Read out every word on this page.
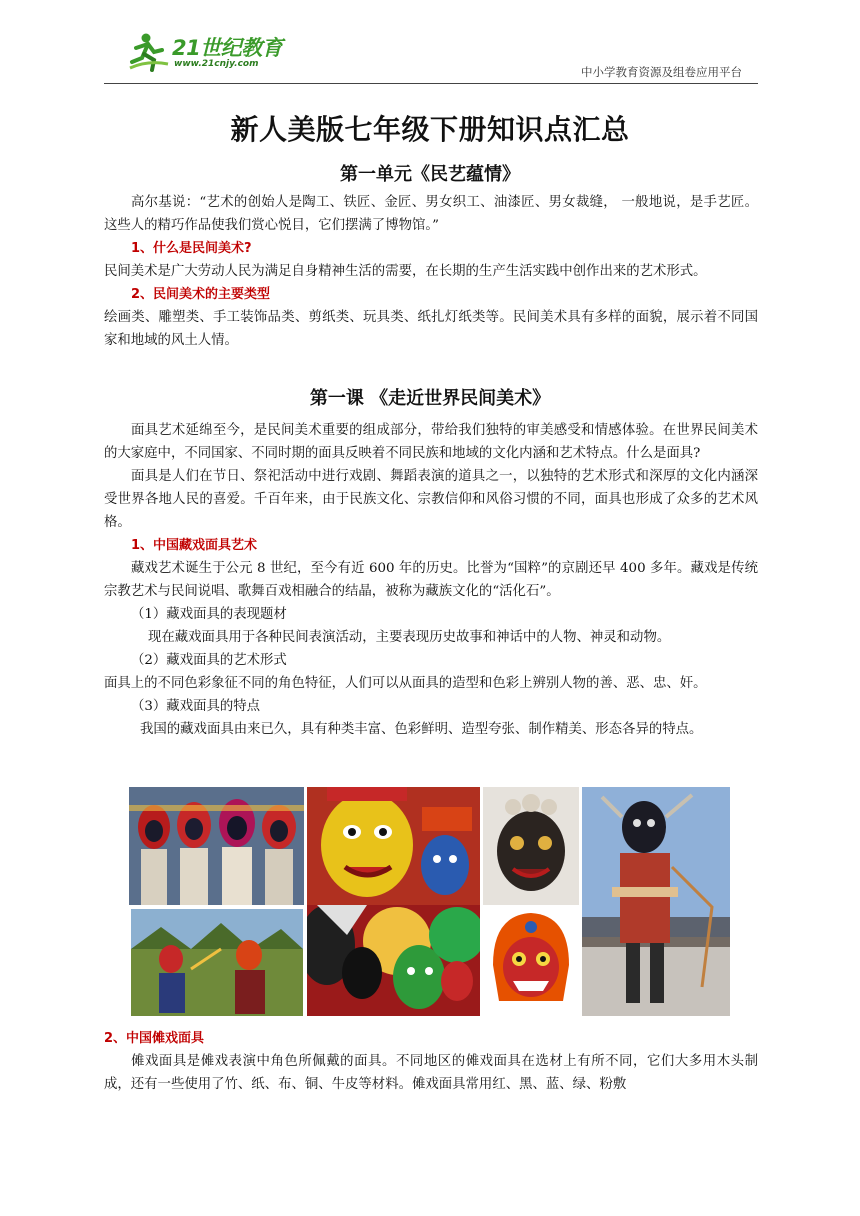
21世纪教育
www.21cnjy.com
中小学教育资源及组卷应用平台
新人美版七年级下册知识点汇总
第一单元《民艺蕴情》

高尔基说：“艺术的创始人是陶工、铁匠、金匠、男女织工、油漆匠、男女裁缝， 一般地说，是手艺匠。这些人的精巧作品使我们赏心悦目，它们摆满了博物馆。”

1、什么是民间美术?

民间美术是广大劳动人民为满足自身精神生活的需要，在长期的生产生活实践中创作出来的艺术形式。

2、民间美术的主要类型

绘画类、雕塑类、手工装饰品类、剪纸类、玩具类、纸扎灯纸类等。民间美术具有多样的面貌，展示着不同国家和地域的风土人情。

第一课 《走近世界民间美术》

面具艺术延绵至今，是民间美术重要的组成部分，带给我们独特的审美感受和情感体验。在世界民间美术的大家庭中，不同国家、不同时期的面具反映着不同民族和地域的文化内涵和艺术特点。什么是面具?

面具是人们在节日、祭祀活动中进行戏剧、舞蹈表演的道具之一，以独特的艺术形式和深厚的文化内涵深受世界各地人民的喜爱。千百年来，由于民族文化、宗教信仰和风俗习惯的不同，面具也形成了众多的艺术风格。

1、中国藏戏面具艺术

藏戏艺术诞生于公元 8 世纪，至今有近 600 年的历史。比誉为“国粹”的京剧还早 400 多年。藏戏是传统宗教艺术与民间说唱、歌舞百戏相融合的结晶，被称为藏族文化的“活化石”。

（1）藏戏面具的表现题材

现在藏戏面具用于各种民间表演活动，主要表现历史故事和神话中的人物、神灵和动物。

（2）藏戏面具的艺术形式

面具上的不同色彩象征不同的角色特征，人们可以从面具的造型和色彩上辨别人物的善、恶、忠、奸。

（3）藏戏面具的特点

我国的藏戏面具由来已久，具有种类丰富、色彩鲜明、造型夸张、制作精美、形态各异的特点。

2、中国傩戏面具

傩戏面具是傩戏表演中角色所佩戴的面具。不同地区的傩戏面具在选材上有所不同，它们大多用木头制成，还有一些使用了竹、纸、布、铜、牛皮等材料。傩戏面具常用红、黑、蓝、绿、粉敷
